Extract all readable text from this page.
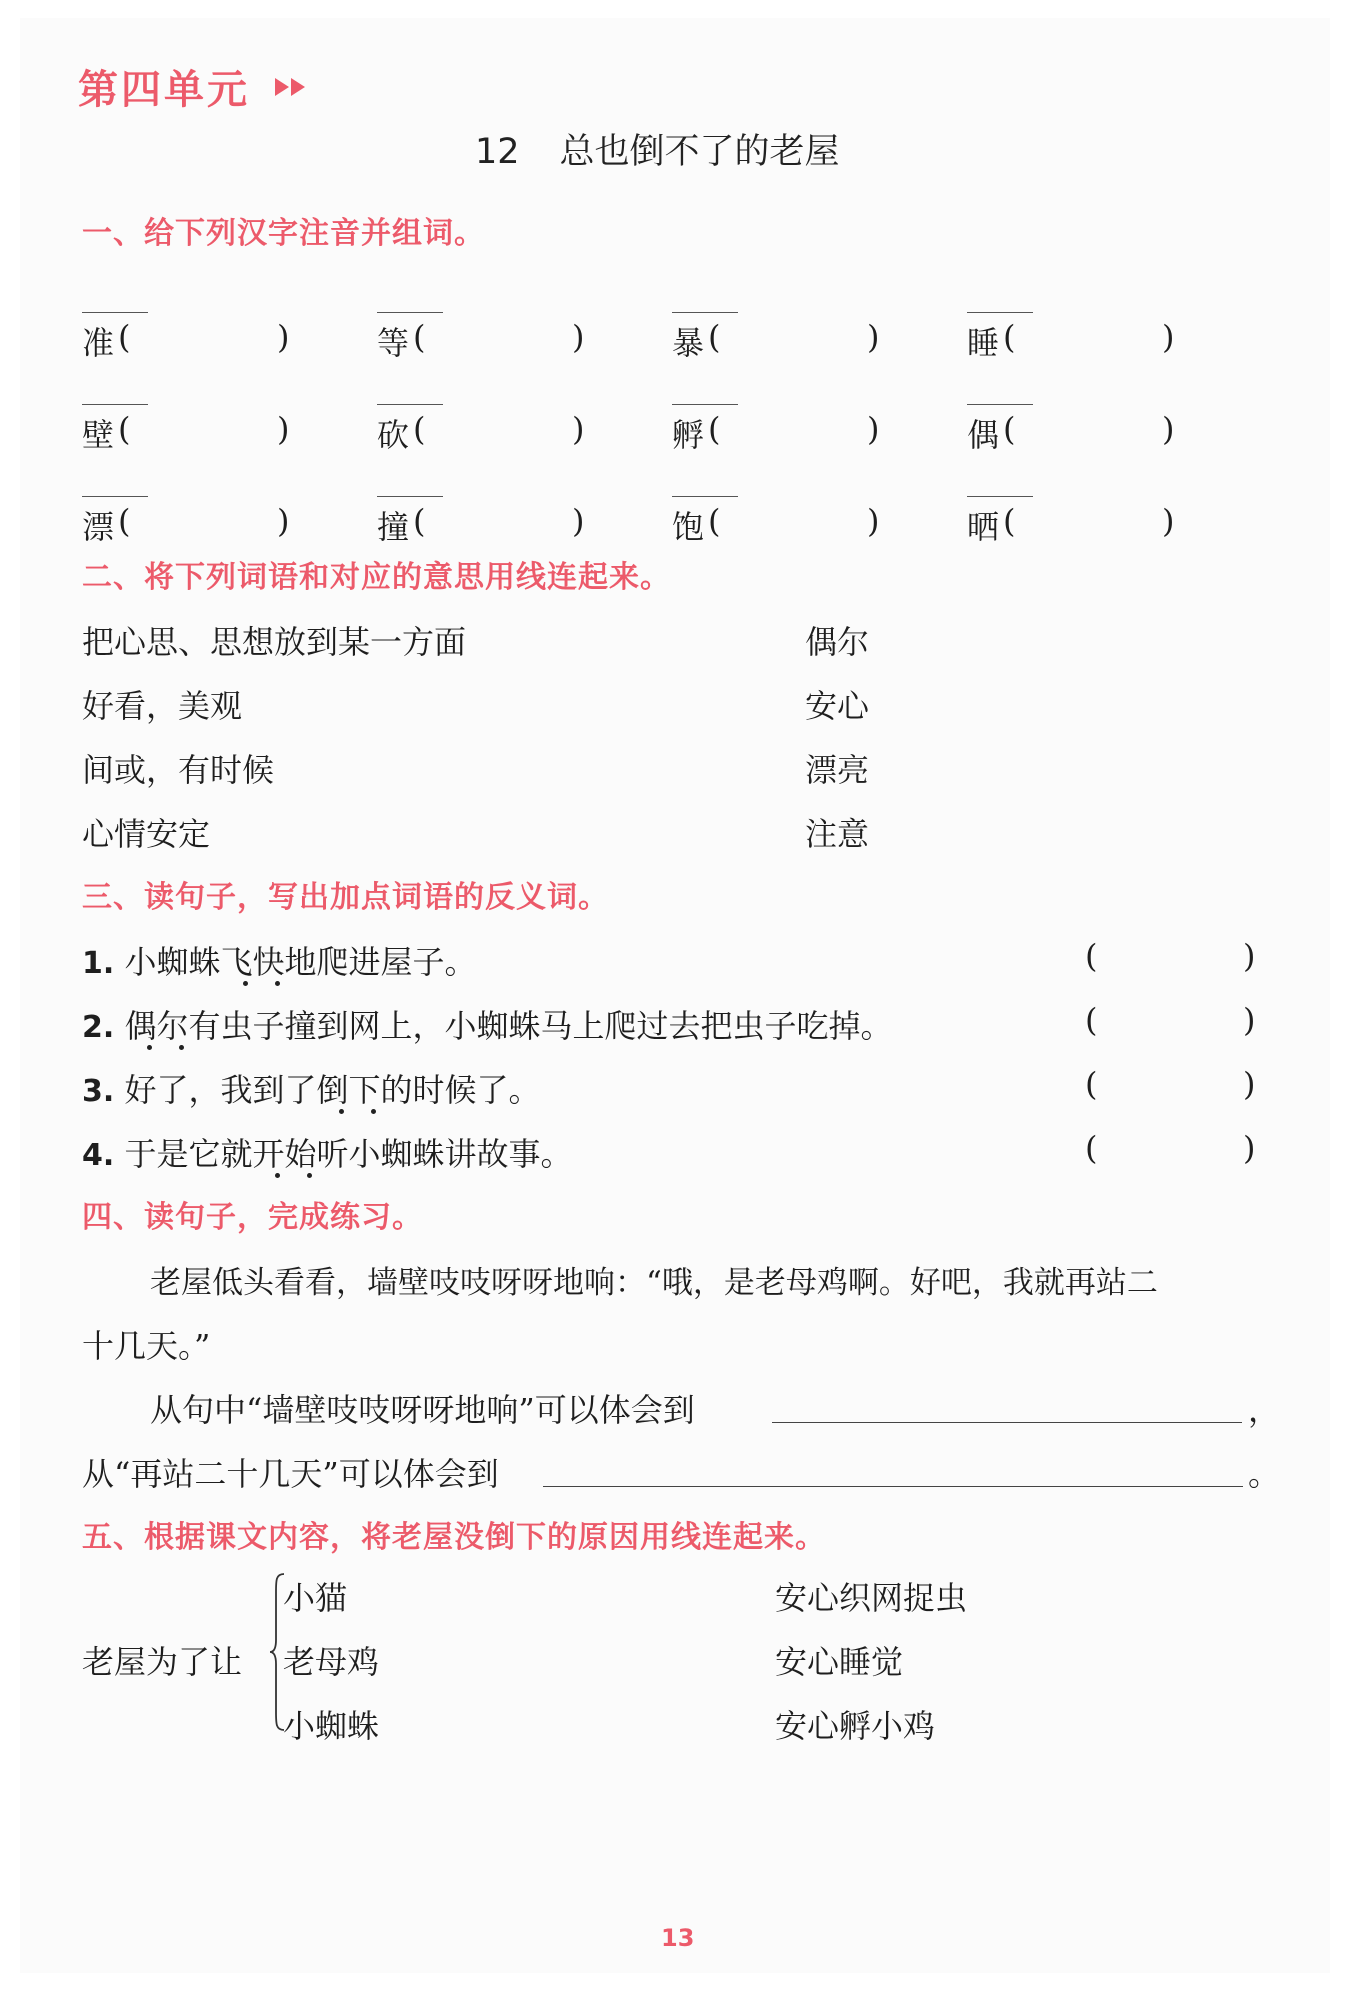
第四单元
12 总也倒不了的老屋
一、给下列汉字注音并组词。
准 (	)	等 (	)	暴 (	)	睡 (	)
壁 (	)	砍 (	)	孵 (	)	偶 (	)
漂 (	)	撞 (	)	饱 (	)	晒 (	)
二、将下列词语和对应的意思用线连起来。
把心思、思想放到某一方面
好看，美观
间或，有时候
心情安定
偶尔
安心
漂亮
注意
三、读句子，写出加点词语的反义词。
1. 小蜘蛛飞快地爬进屋子。
2. 偶尔有虫子撞到网上，小蜘蛛马上爬过去把虫子吃掉。
3. 好了，我到了倒下的时候了。
4. 于是它就开始听小蜘蛛讲故事。
(	)
(	)
(	)
(	)
四、读句子，完成练习。
老屋低头看看，墙壁吱吱呀呀地响：“哦，是老母鸡啊。好吧，我就再站二
十几天。”
从句中“墙壁吱吱呀呀地响”可以体会到	，
从“再站二十几天”可以体会到	。
五、根据课文内容，将老屋没倒下的原因用线连起来。
老屋为了让
小猫
老母鸡
小蜘蛛
安心织网捉虫
安心睡觉
安心孵小鸡
13
